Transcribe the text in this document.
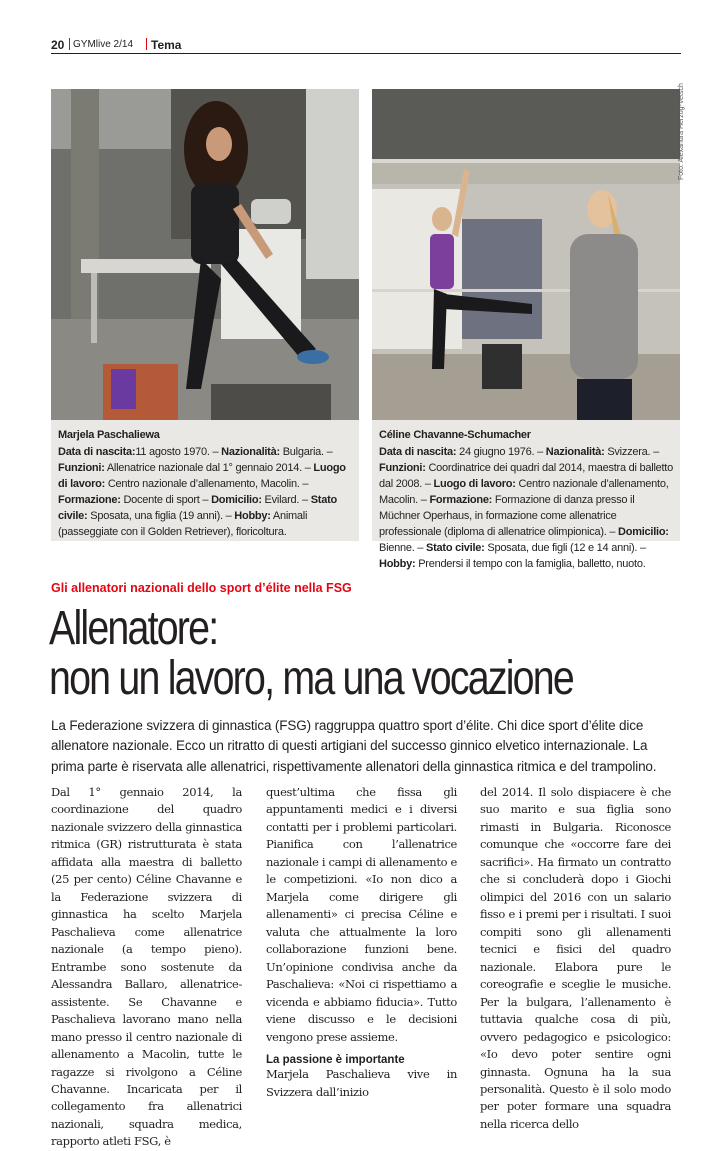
20 GYMlive 2/14 Tema
Foto: Alexandra Herzog-Vetsch
Marjela Paschaliewa
Data di nascita:11 agosto 1970. – Nazionalità: Bulgaria. – Funzioni: Allenatrice nazionale dal 1° gennaio 2014. – Luogo di lavoro: Centro nazionale d’allenamento, Macolin. – Formazione: Docente di sport – Domicilio: Evilard. – Stato civile: Sposata, una figlia (19 anni). – Hobby: Animali (passeggiate con il Golden Retriever), floricoltura.
Céline Chavanne-Schumacher
Data di nascita: 24 giugno 1976. – Nazionalità: Svizzera. – Funzioni: Coordinatrice dei quadri dal 2014, maestra di balletto dal 2008. – Luogo di lavoro: Centro nazionale d’allenamento, Macolin. – Formazione: Formazione di danza presso il Müchner Operhaus, in formazione come allenatrice professionale (diploma di allenatrice olimpionica). – Domicilio: Bienne. – Stato civile: Sposata, due figli (12 e 14 anni). – Hobby: Prendersi il tempo con la famiglia, balletto, nuoto.
Gli allenatori nazionali dello sport d’élite nella FSG
Allenatore:
non un lavoro, ma una vocazione

La Federazione svizzera di ginnastica (FSG) raggruppa quattro sport d’élite. Chi dice sport d’élite dice allenatore nazionale. Ecco un ritratto di questi artigiani del successo ginnico elvetico internazionale. La prima parte è riservata alle allenatrici, rispettivamente allenatori della ginnastica ritmica e del trampolino.

Dal 1° gennaio 2014, la coordinazione del quadro nazionale svizzero della ginnastica ritmica (GR) ristrutturata è stata affidata alla maestra di balletto (25 per cento) Céline Chavanne e la Federazione svizzera di ginnastica ha scelto Marjela Paschalieva come allenatrice nazionale (a tempo pieno). Entrambe sono sostenute da Alessandra Ballaro, allenatrice-assistente. Se Chavanne e Paschalieva lavorano mano nella mano presso il centro nazionale di allenamento a Macolin, tutte le ragazze si rivolgono a Céline Chavanne. Incaricata per il collegamento fra allenatrici nazionali, squadra medica, rapporto atleti FSG, è

quest’ultima che fissa gli appuntamenti medici e i diversi contatti per i problemi particolari. Pianifica con l’allenatrice nazionale i campi di allenamento e le competizioni. «Io non dico a Marjela come dirigere gli allenamenti» ci precisa Céline e valuta che attualmente la loro collaborazione funzioni bene. Un’opinione condivisa anche da Paschalieva: «Noi ci rispettiamo a vicenda e abbiamo fiducia». Tutto viene discusso e le decisioni vengono prese assieme.

La passione è importante

Marjela Paschalieva vive in Svizzera dall’inizio

del 2014. Il solo dispiacere è che suo marito e sua figlia sono rimasti in Bulgaria. Riconosce comunque che «occorre fare dei sacrifici». Ha firmato un contratto che si concluderà dopo i Giochi olimpici del 2016 con un salario fisso e i premi per i risultati. I suoi compiti sono gli allenamenti tecnici e fisici del quadro nazionale. Elabora pure le coreografie e sceglie le musiche. Per la bulgara, l’allenamento è tuttavia qualche cosa di più, ovvero pedagogico e psicologico: «Io devo poter sentire ogni ginnasta. Ognuna ha la sua personalità. Questo è il solo modo per poter formare una squadra nella ricerca dello
